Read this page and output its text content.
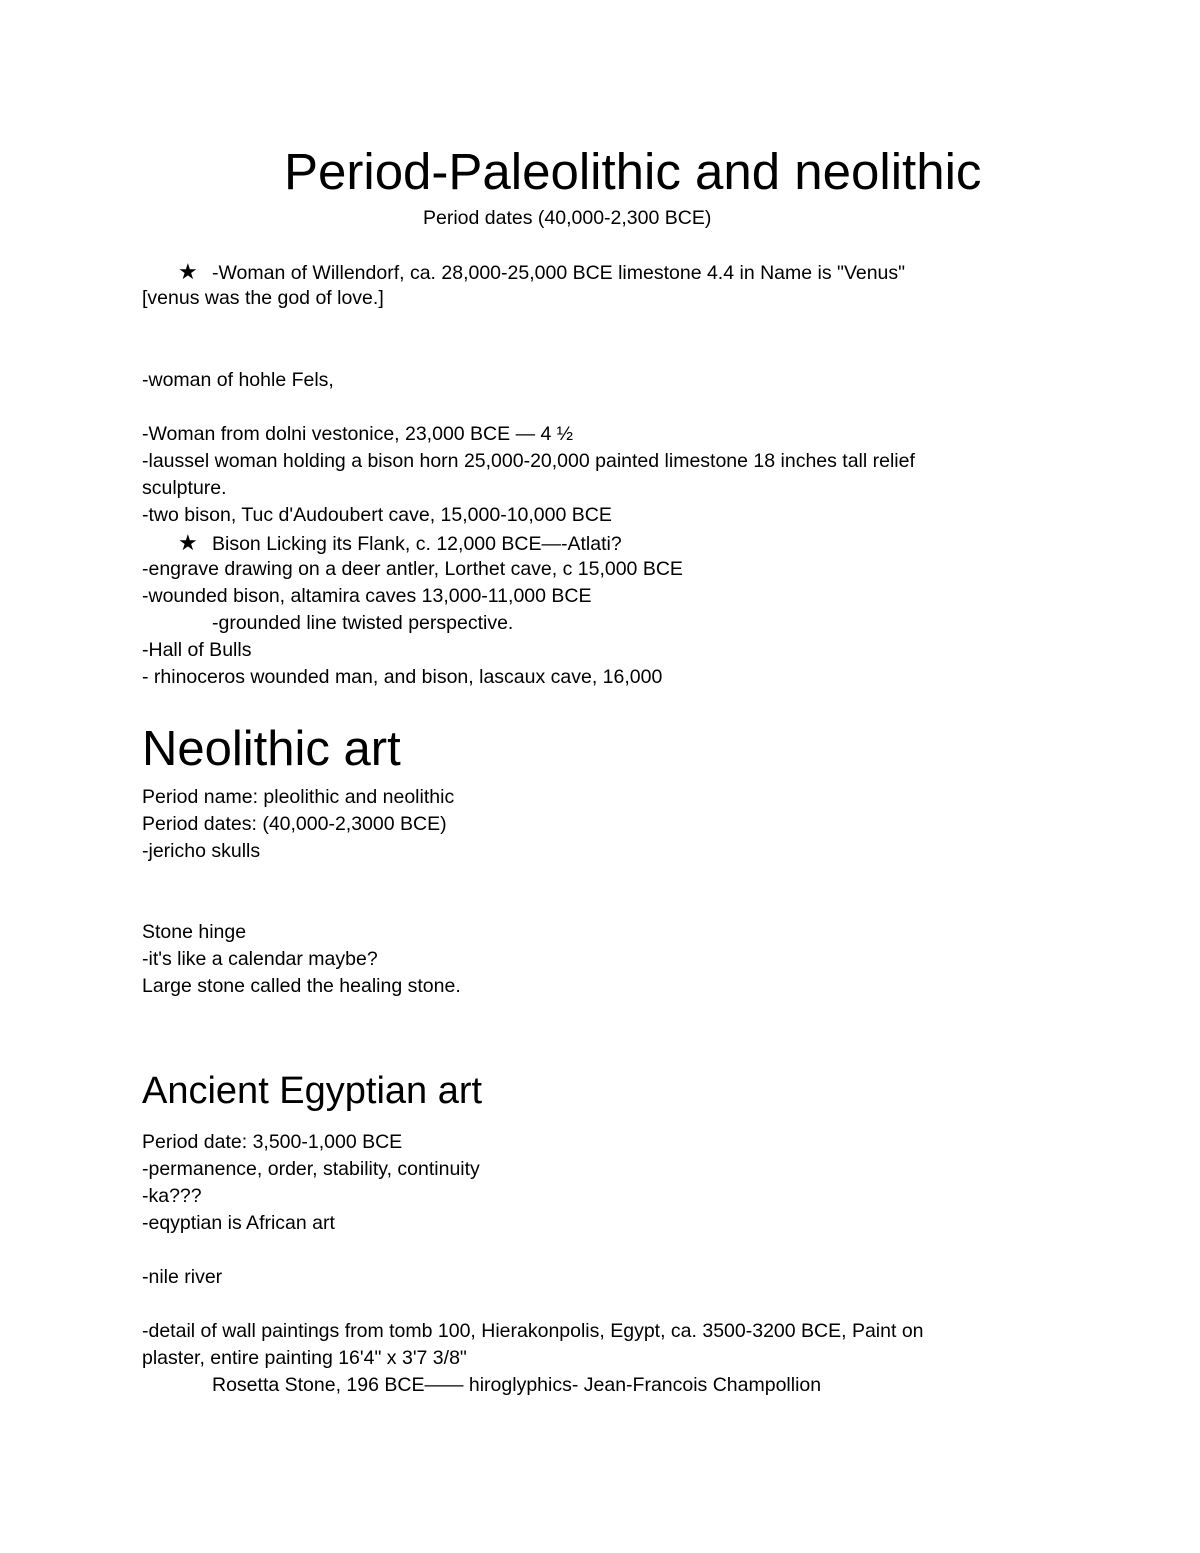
Period-Paleolithic and neolithic
Period dates (40,000-2,300 BCE)
★ -Woman of Willendorf, ca. 28,000-25,000 BCE limestone 4.4 in Name is "Venus"
[venus was the god of love.]
-woman of hohle Fels,
-Woman from dolni vestonice, 23,000 BCE — 4 ½
-laussel woman holding a bison horn 25,000-20,000 painted limestone 18 inches tall relief
sculpture.
-two bison, Tuc d'Audoubert cave, 15,000-10,000 BCE
★ Bison Licking its Flank, c. 12,000 BCE—-Atlati?
-engrave drawing on a deer antler, Lorthet cave, c 15,000 BCE
-wounded bison, altamira caves 13,000-11,000 BCE
-grounded line twisted perspective.
-Hall of Bulls
- rhinoceros wounded man, and bison, lascaux cave, 16,000
Neolithic art
Period name: pleolithic and neolithic
Period dates: (40,000-2,3000 BCE)
-jericho skulls
Stone hinge
-it's like a calendar maybe?
Large stone called the healing stone.
Ancient Egyptian art
Period date: 3,500-1,000 BCE
-permanence, order, stability, continuity
-ka???
-eqyptian is African art
-nile river
-detail of wall paintings from tomb 100, Hierakonpolis, Egypt, ca. 3500-3200 BCE, Paint on
plaster, entire painting 16'4" x 3'7 3/8"
Rosetta Stone, 196 BCE—— hiroglyphics- Jean-Francois Champollion
